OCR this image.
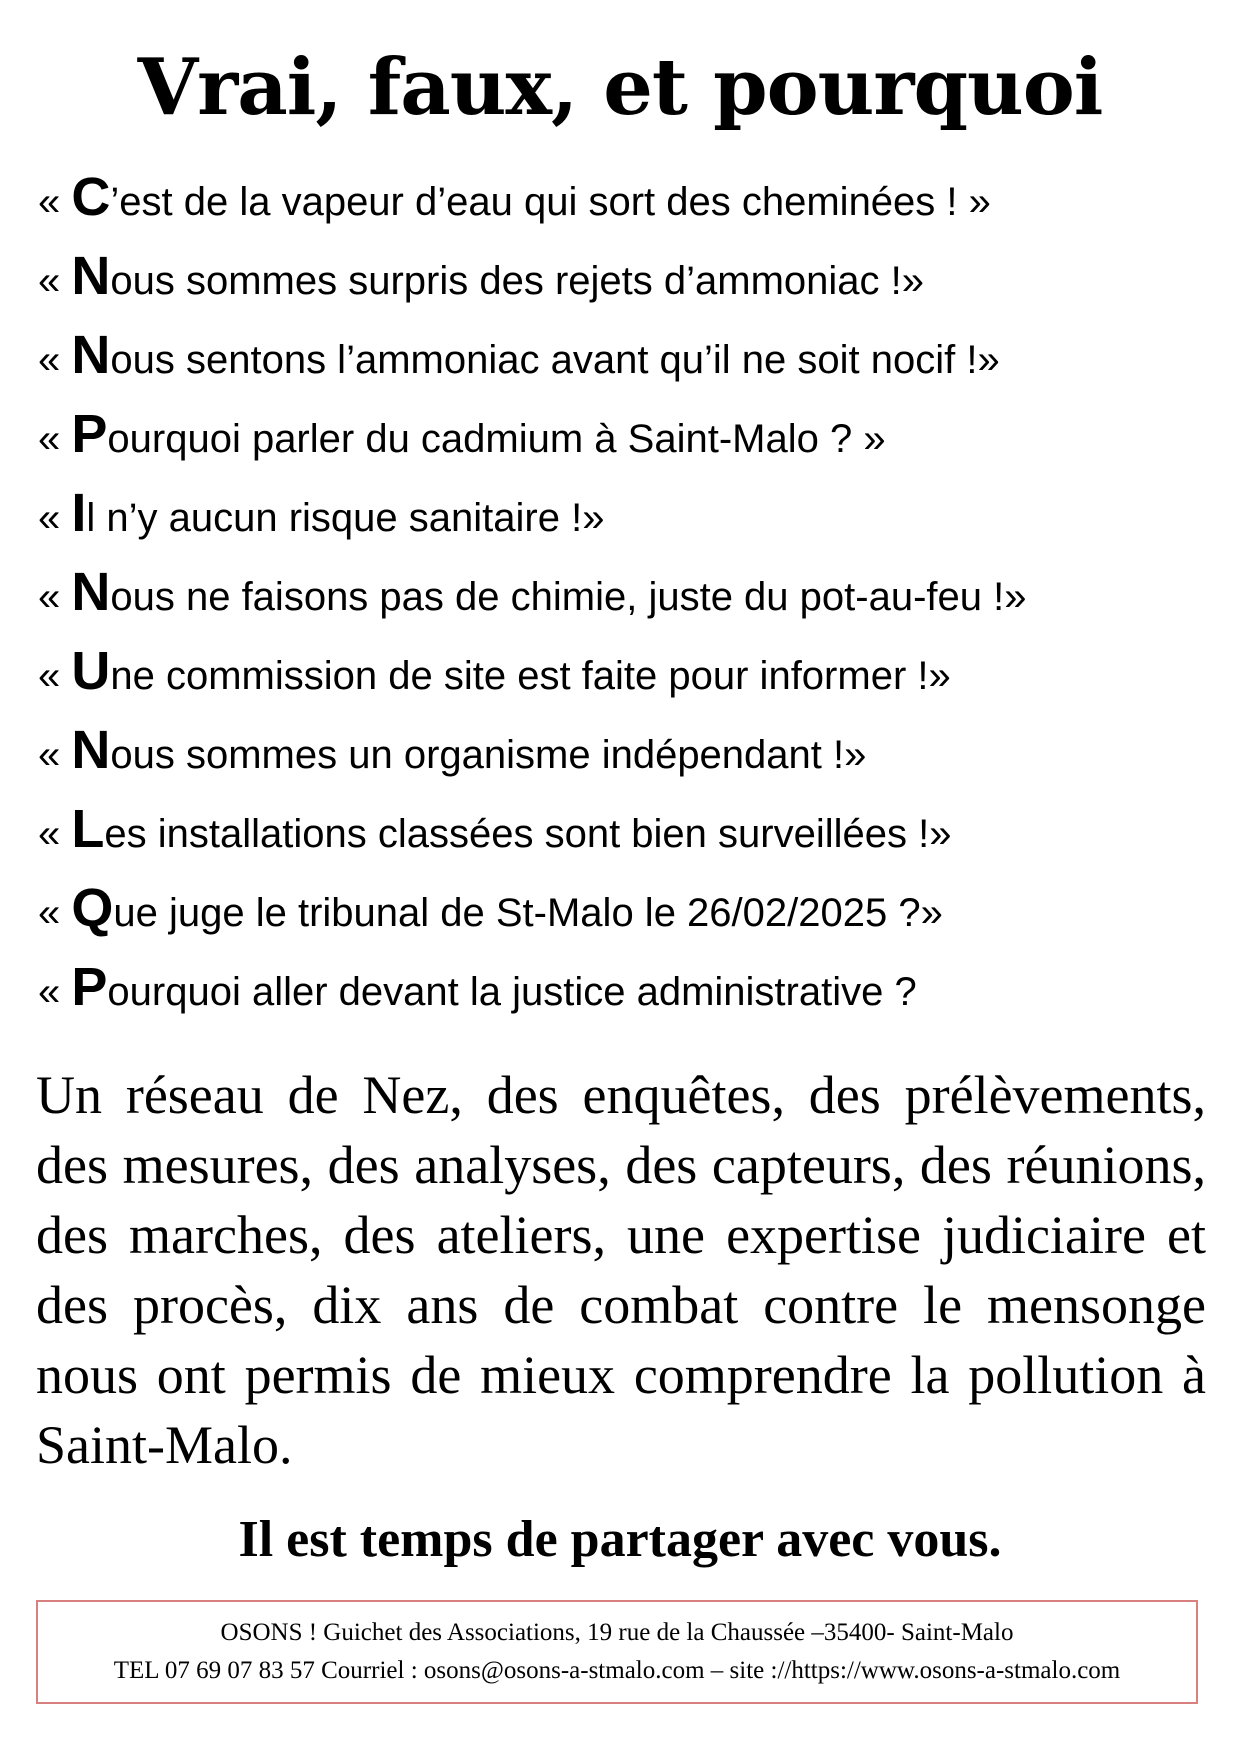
Vrai, faux, et pourquoi
« C’est de la vapeur d’eau qui sort des cheminées ! »
« Nous sommes surpris des rejets d’ammoniac !»
« Nous sentons l’ammoniac avant qu’il ne soit nocif !»
« Pourquoi parler du cadmium à Saint-Malo ? »
« Il n’y aucun risque sanitaire !»
« Nous ne faisons pas de chimie, juste du pot-au-feu !»
« Une commission de site est faite pour informer !»
« Nous sommes un organisme indépendant !»
« Les installations classées sont bien surveillées !»
« Que juge le tribunal de St-Malo le 26/02/2025 ?»
« Pourquoi aller devant la justice administrative ?

Un réseau de Nez, des enquêtes, des prélèvements, des mesures, des analyses, des capteurs, des réunions, des marches, des ateliers, une expertise judiciaire et des procès, dix ans de combat contre le mensonge nous ont permis de mieux comprendre la pollution à Saint-Malo.

Il est temps de partager avec vous.
OSONS ! Guichet des Associations, 19 rue de la Chaussée –35400- Saint-Malo
TEL 07 69 07 83 57 Courriel : osons@osons-a-stmalo.com – site ://https://www.osons-a-stmalo.com
